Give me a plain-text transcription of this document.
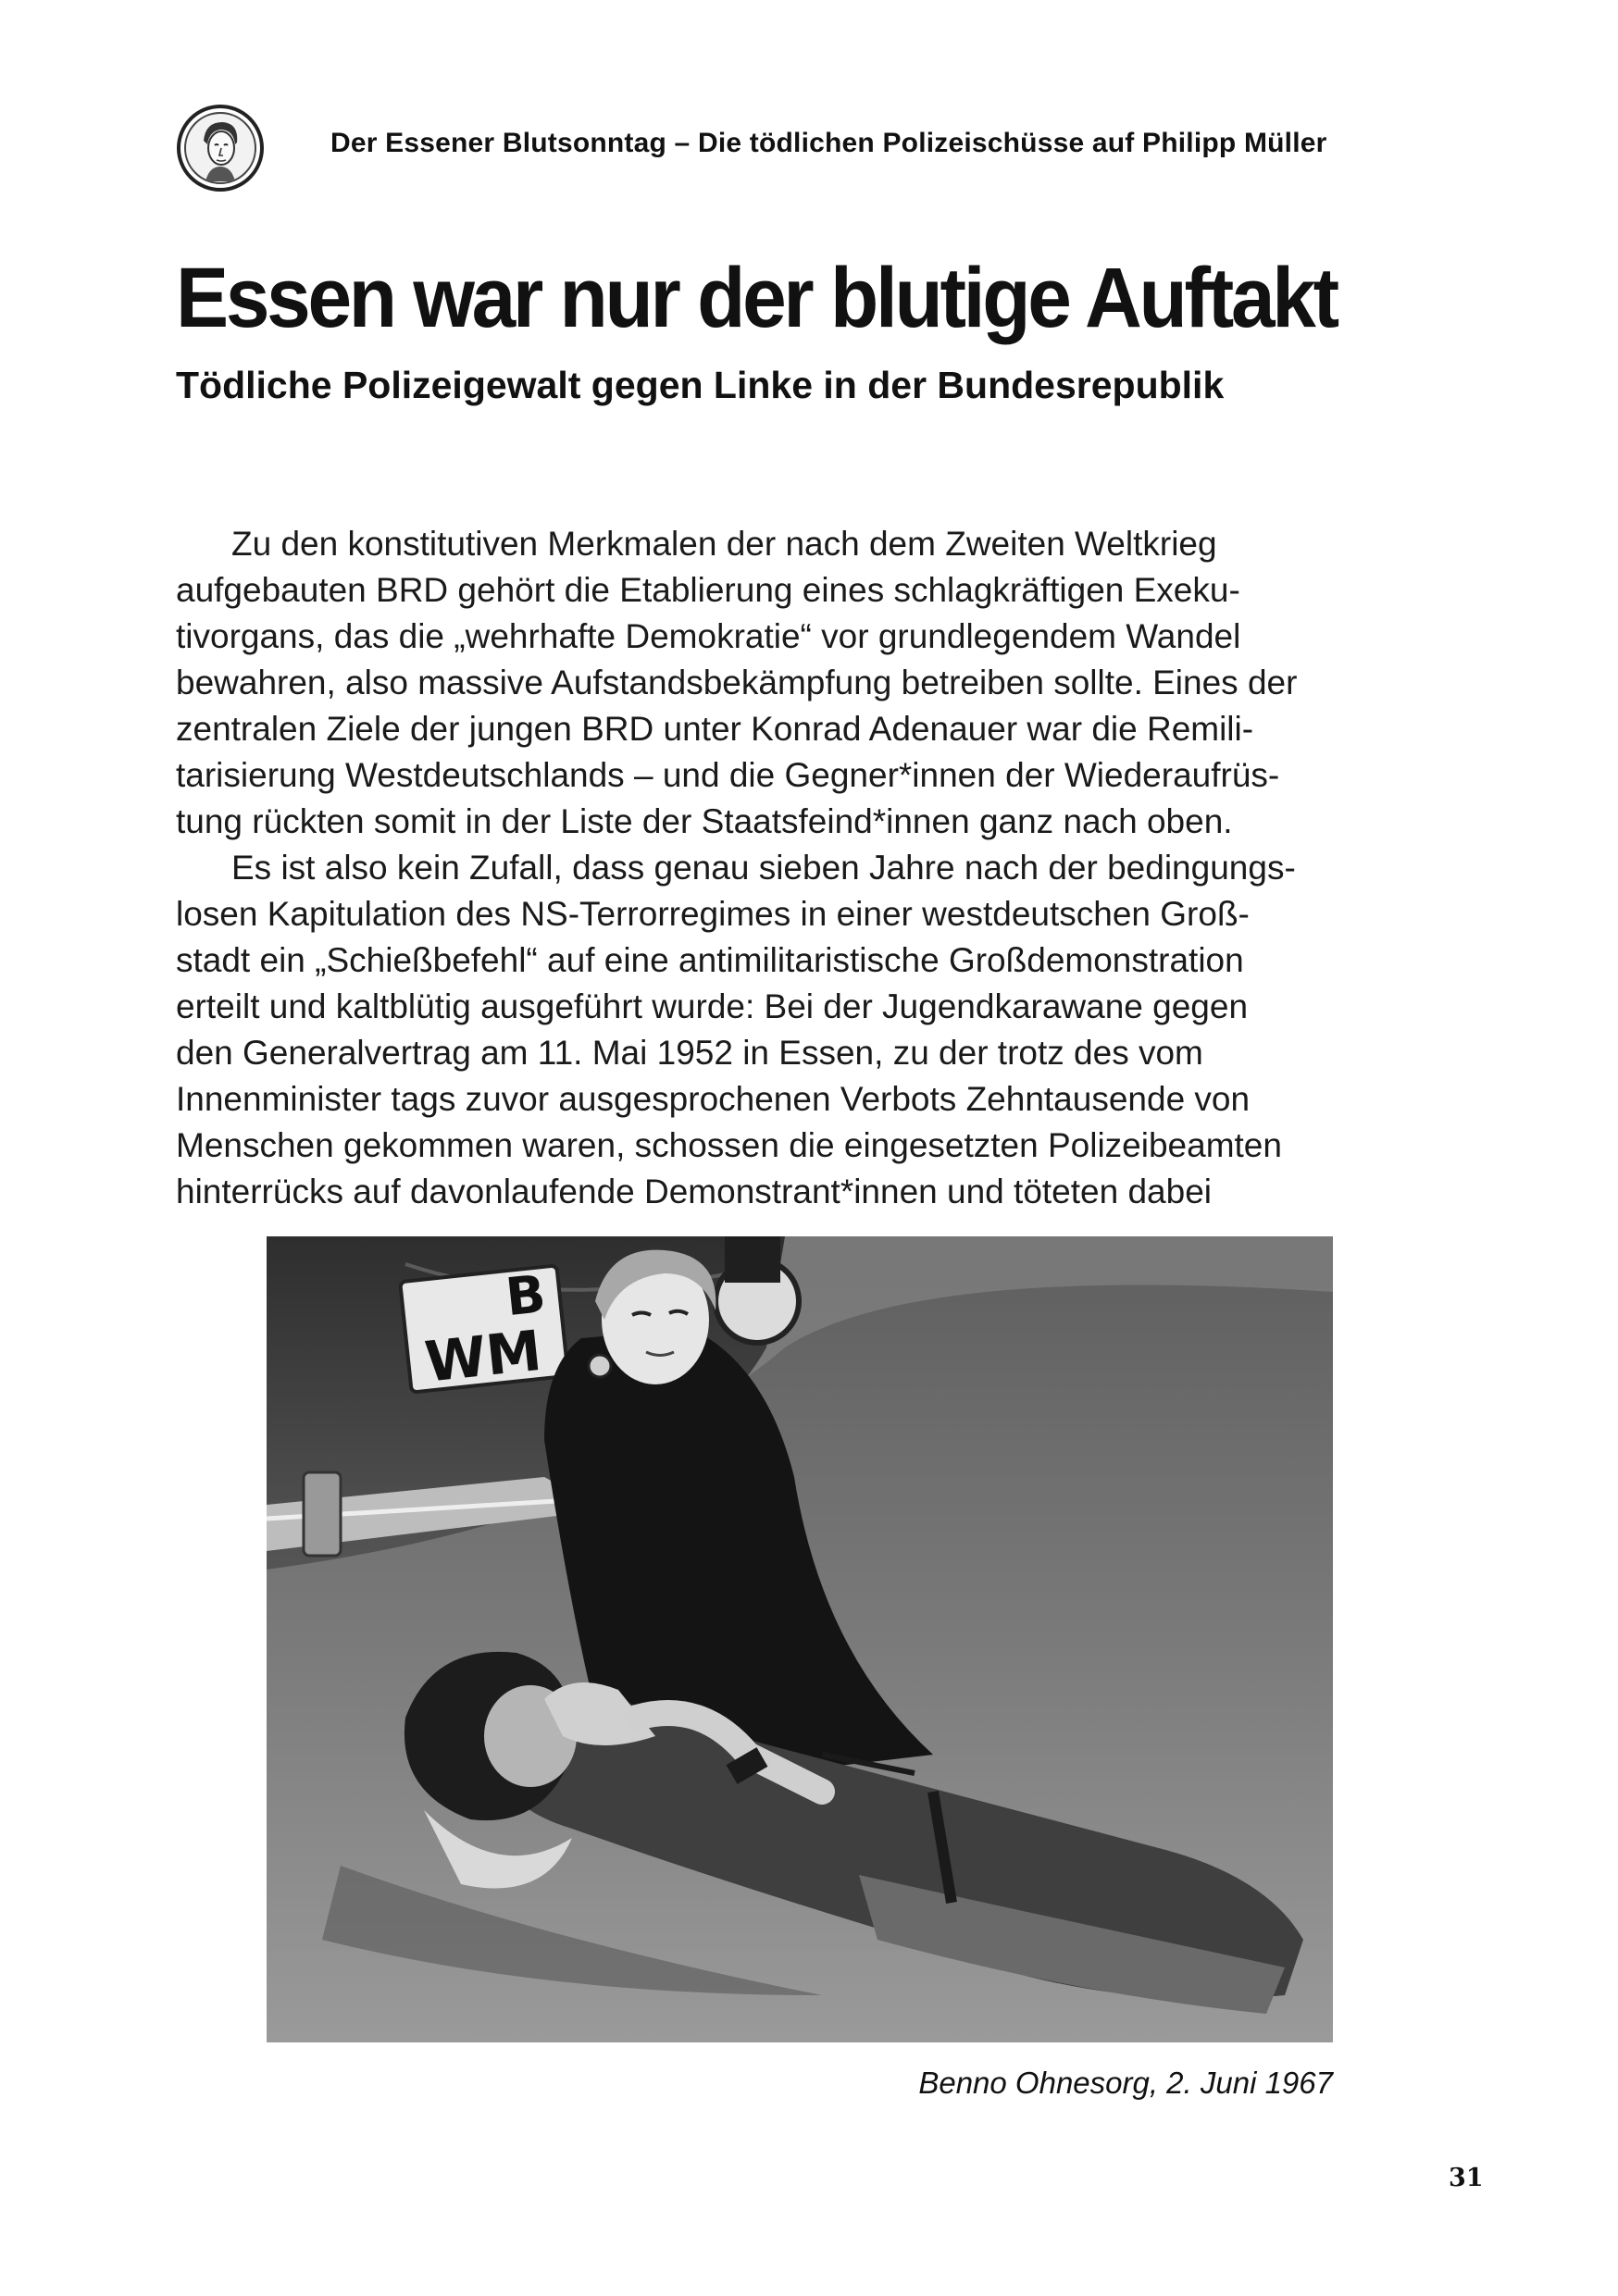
Der Essener Blutsonntag – Die tödlichen Polizeischüsse auf Philipp Müller
Essen war nur der blutige Auftakt
Tödliche Polizeigewalt gegen Linke in der Bundesrepublik
Zu den konstitutiven Merkmalen der nach dem Zweiten Weltkrieg
aufgebauten BRD gehört die Etablierung eines schlagkräftigen Exeku-
tivorgans, das die „wehrhafte Demokratie“ vor grundlegendem Wandel
bewahren, also massive Aufstandsbekämpfung betreiben sollte. Eines der
zentralen Ziele der jungen BRD unter Konrad Adenauer war die Remili-
tarisierung Westdeutschlands – und die Gegner*innen der Wiederaufrüs-
tung rückten somit in der Liste der Staatsfeind*innen ganz nach oben.
Es ist also kein Zufall, dass genau sieben Jahre nach der bedingungs-
losen Kapitulation des NS-Terrorregimes in einer westdeutschen Groß-
stadt ein „Schießbefehl“ auf eine antimilitaristische Großdemonstration
erteilt und kaltblütig ausgeführt wurde: Bei der Jugendkarawane gegen
den Generalvertrag am 11. Mai 1952 in Essen, zu der trotz des vom
Innenminister tags zuvor ausgesprochenen Verbots Zehntausende von
Menschen gekommen waren, schossen die eingesetzten Polizeibeamten
hinterrücks auf davonlaufende Demonstrant*innen und töteten dabei
B
WM
Benno Ohnesorg, 2. Juni 1967
31
